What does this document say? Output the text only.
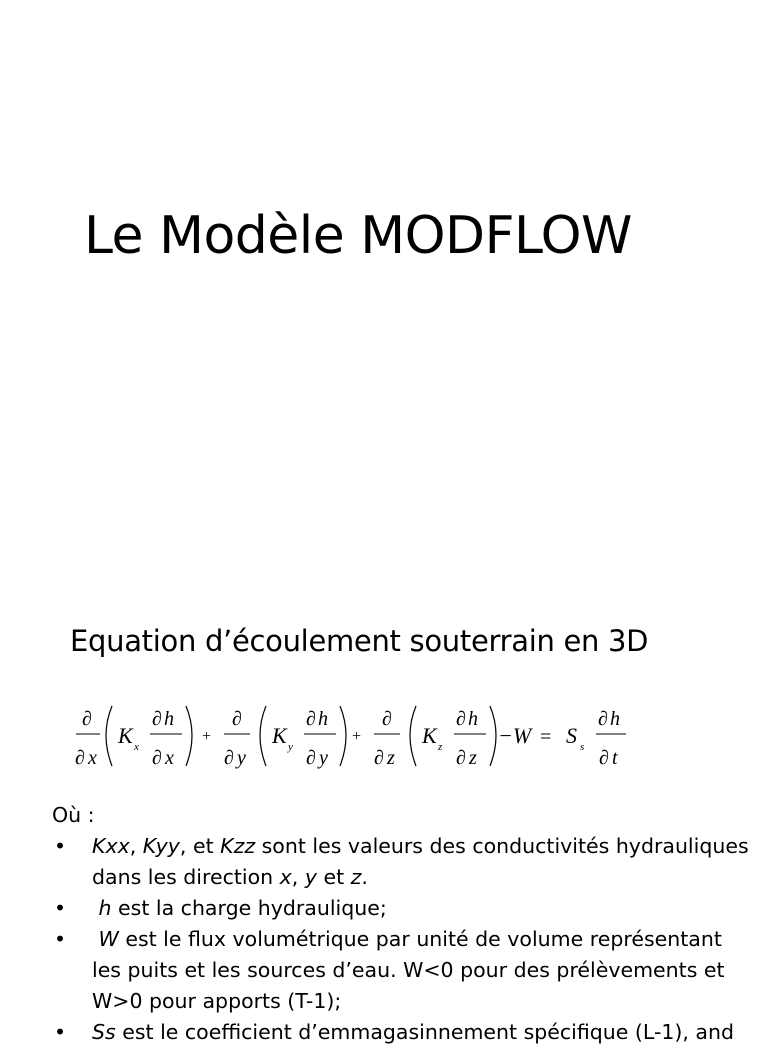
Le Modèle MODFLOW
Equation d’écoulement souterrain en 3D
∂
∂ x
K x
∂ h
∂ x
+
∂
∂ y
K y
∂ h
∂ y
+
∂
∂ z
K z
∂ h
∂ z
−W = S s
∂ h
∂ t

Où :

• Kxx, Kyy, et Kzz sont les valeurs des conductivités hydrauliques dans les direction x, y et z.
• h est la charge hydraulique;
• W est le flux volumétrique par unité de volume représentant les puits et les sources d’eau. W<0 pour des prélèvements et W>0 pour apports (T-1);
• Ss est le coefficient d’emmagasinnement spécifique (L-1), and
